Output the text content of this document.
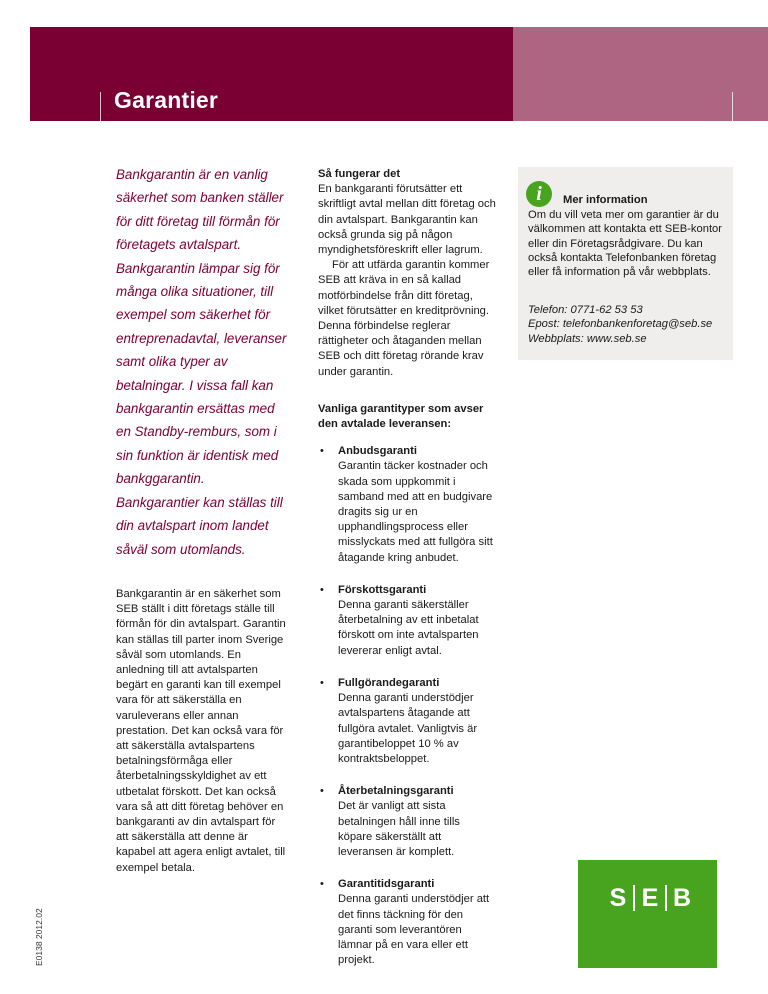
Garantier

Bankgarantin är en vanlig säkerhet som banken ställer för ditt företag till förmån för företagets avtalspart. Bankgarantin lämpar sig för många olika situationer, till exempel som säkerhet för entreprenadavtal, leveranser samt olika typer av betalningar. I vissa fall kan bankgarantin ersättas med en Standby-remburs, som i sin funktion är identisk med bankggarantin. Bankgarantier kan ställas till din avtalspart inom landet såväl som utomlands.

Bankgarantin är en säkerhet som SEB ställt i ditt företags ställe till förmån för din avtalspart. Garantin kan ställas till parter inom Sverige såväl som utomlands. En anledning till att avtalsparten begärt en garanti kan till exempel vara för att säkerställa en varuleverans eller annan prestation. Det kan också vara för att säkerställa avtalspartens betalningsförmåga eller återbetalningsskyldighet av ett utbetalat förskott. Det kan också vara så att ditt företag behöver en bankgaranti av din avtalspart för att säkerställa att denne är kapabel att agera enligt avtalet, till exempel betala.

Så fungerar det

En bankgaranti förutsätter ett skriftligt avtal mellan ditt företag och din avtalspart. Bankgarantin kan också grunda sig på någon myndighetsföreskrift eller lagrum.

För att utfärda garantin kommer SEB att kräva in en så kallad motförbindelse från ditt företag, vilket förutsätter en kreditprövning. Denna förbindelse reglerar rättigheter och åtaganden mellan SEB och ditt företag rörande krav under garantin.

Vanliga garantityper som avser den avtalade leveransen:

• Anbudsgaranti
Garantin täcker kostnader och skada som uppkommit i samband med att en budgivare dragits sig ur en upphandlingsprocess eller misslyckats med att fullgöra sitt åtagande kring anbudet.
• Förskottsgaranti
Denna garanti säkerställer återbetalning av ett inbetalat förskott om inte avtalsparten levererar enligt avtal.
• Fullgörandegaranti
Denna garanti understödjer avtalspartens åtagande att fullgöra avtalet. Vanligtvis är garantibeloppet 10 % av kontraktsbeloppet.
• Återbetalningsgaranti
Det är vanligt att sista betalningen håll inne tills köpare säkerställt att leveransen är komplett.
• Garantitidsgaranti
Denna garanti understödjer att det finns täckning för den garanti som leverantören lämnar på en vara eller ett projekt.
i	Mer information

Om du vill veta mer om garantier är du välkommen att kontakta ett SEB-kontor eller din Företagsrådgivare. Du kan också kontakta Telefonbanken företag eller få information på vår webbplats.

Telefon: 0771-62 53 53
Epost: telefonbankenforetag@seb.se
Webbplats: www.seb.se
S E B

E0138 2012.02
